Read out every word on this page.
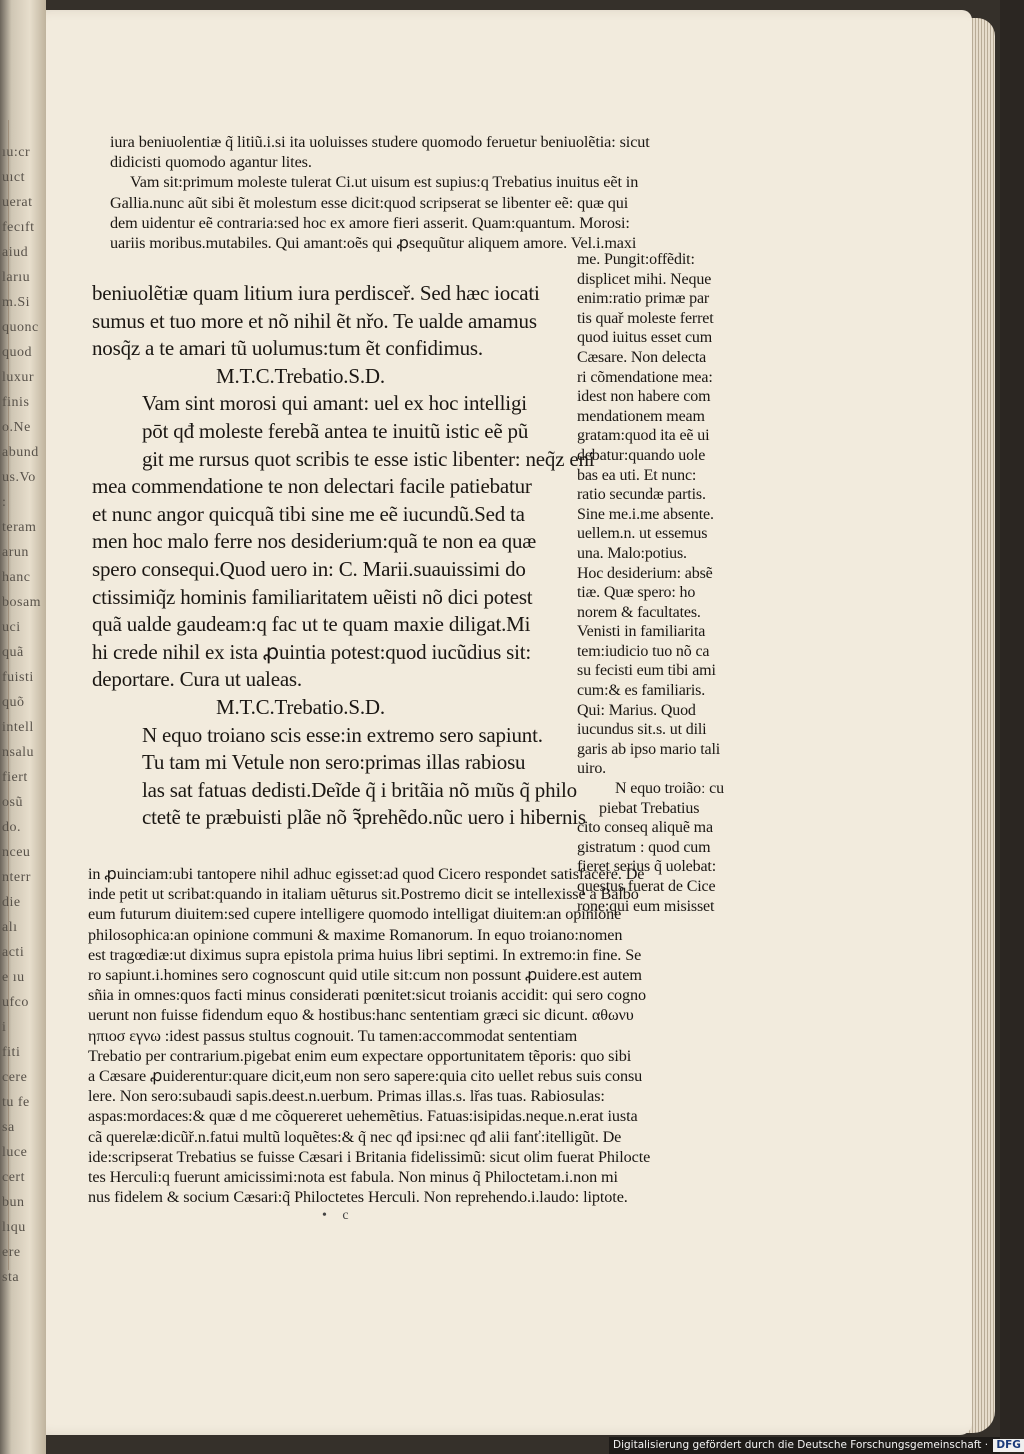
iura beniuolentiæ q̃ litiũ.i.si ita uoluisses studere quomodo feruetur beniuolẽtia: sicut
didicisti quomodo agantur lites.
Vam sit:primum moleste tulerat Ci.ut uisum est supius:q Trebatius inuitus eẽt in
Gallia.nunc aũt sibi ẽt molestum esse dicit:quod scripserat se libenter eẽ: quæ qui
dem uidentur eẽ contraria:sed hoc ex amore fieri asserit. Quam:quantum. Morosi:
uariis moribus.mutabiles. Qui amant:oẽs qui ꝓsequũtur aliquem amore. Vel.i.maxi
beniuolẽtiæ quam litium iura perdisceř. Sed hæc iocati
sumus et tuo more et nõ nihil ẽt nřo. Te ualde amamus
nosq̃z a te amari tũ uolumus:tum ẽt confidimus.
M.T.C.Trebatio.S.D.
Vam sint morosi qui amant: uel ex hoc intelligi
pōt qđ moleste ferebã antea te inuitũ istic eẽ pũ
git me rursus quot scribis te esse istic libenter: neq̃z eni
mea commendatione te non delectari facile patiebatur
et nunc angor quicquã tibi sine me eẽ iucundũ.Sed ta
men hoc malo ferre nos desiderium:quã te non ea quæ
spero consequi.Quod uero in: C. Marii.suauissimi do
ctissimiq̃z hominis familiaritatem uẽisti nõ dici potest
quã ualde gaudeam:q fac ut te quam maxie diligat.Mi
hi crede nihil ex ista ꝓuintia potest:quod iucũdius sit:
deportare. Cura ut ualeas.
M.T.C.Trebatio.S.D.
N equo troiano scis esse:in extremo sero sapiunt.
Tu tam mi Vetule non sero:primas illas rabiosu
las sat fatuas dedisti.Deĩde q̃ i britãia nõ mı̃us q̃ philo
ctetẽ te præbuisti plãe nõ ꝛ̃prehẽdo.nũc uero i hibernis
me. Pungit:offẽdit:
displicet mihi. Neque
enim:ratio primæ par
tis quař moleste ferret
quod iuitus esset cum
Cæsare. Non delecta
ri cõmendatione mea:
idest non habere com
mendationem meam
gratam:quod ita eẽ ui
debatur:quando uole
bas ea uti. Et nunc:
ratio secundæ partis.
Sine me.i.me absente.
uellem.n. ut essemus
una. Malo:potius.
Hoc desiderium: absẽ
tiæ. Quæ spero: ho
norem & facultates.
Venisti in familiarita
tem:iudicio tuo nõ ca
su fecisti eum tibi ami
cum:& es familiaris.
Qui: Marius. Quod
iucundus sit.s. ut dili
garis ab ipso mario tali
uiro.
N equo troiãoː cu
piebat Trebatius
cito conseq aliquẽ ma
gistratum : quod cum
fieret serius q̃ uolebat:
questus fuerat de Cice
rone:qui eum misisset
in ꝓuinciam:ubi tantopere nihil adhuc egisset:ad quod Cicero respondet satisfacere. De
inde petit ut scribat:quando in italiam uẽturus sit.Postremo dicit se intellexisse a Balbo
eum futurum diuitem:sed cupere intelligere quomodo intelligat diuitem:an opinione
philosophica:an opinione communi & maxime Romanorum. In equo troiano:nomen
est tragœdiæ:ut diximus supra epistola prima huius libri septimi. In extremo:in fine. Se
ro sapiunt.i.homines sero cognoscunt quid utile sit:cum non possunt ꝓuidere.est autem
sñia in omnes:quos facti minus considerati pœnitet:sicut troianis accidit: qui sero cogno
uerunt non fuisse fidendum equo & hostibus:hanc sententiam græci sic dicunt. αθωνυ
ηπιοσ εγνω :idest passus stultus cognouit. Tu tamen:accommodat sententiam
Trebatio per contrarium.pigebat enim eum expectare opportunitatem tẽporis: quo sibi
a Cæsare ꝓuiderentur:quare dicit,eum non sero sapere:quia cito uellet rebus suis consu
lere. Non sero:subaudi sapis.deest.n.uerbum. Primas illas.s. lřas tuas. Rabiosulas:
aspas:mordaces:& quæ d me cõquereret uehemẽtius. Fatuas:isipidas.neque.n.erat iusta
cã querelæ:dicũř.n.fatui multũ loquẽtes:& q̃ nec qđ ipsi:nec qđ alii fanť:itelligũt. De
ide:scripserat Trebatius se fuisse Cæsari i Britania fidelissimũ: sicut olim fuerat Philocte
tes Herculi:q fuerunt amicissimi:nota est fabula. Non minus q̃ Philoctetam.i.non mi
nus fidelem & socium Cæsari:q̃ Philoctetes Herculi. Non reprehendo.i.laudo: liptote.
• c
ıu:cr
uıct
uerat
fecıft
aiud
larıu
m.Si
quonc
quod
luxur
finis
o.Ne
abund
us.Vo
:
teram
arun
hanc
bosam
uci
quã
fuisti
quõ
intell
nsalu
fiert
osũ
do.
nceu
nterr
die
alı
acti
e ıu
ufco
i
fiti
cere
tu fe
sa
luce
cert
bun
lıqu
ere
sta
Digitalisierung gefördert durch die Deutsche Forschungsgemeinschaft · DFG
